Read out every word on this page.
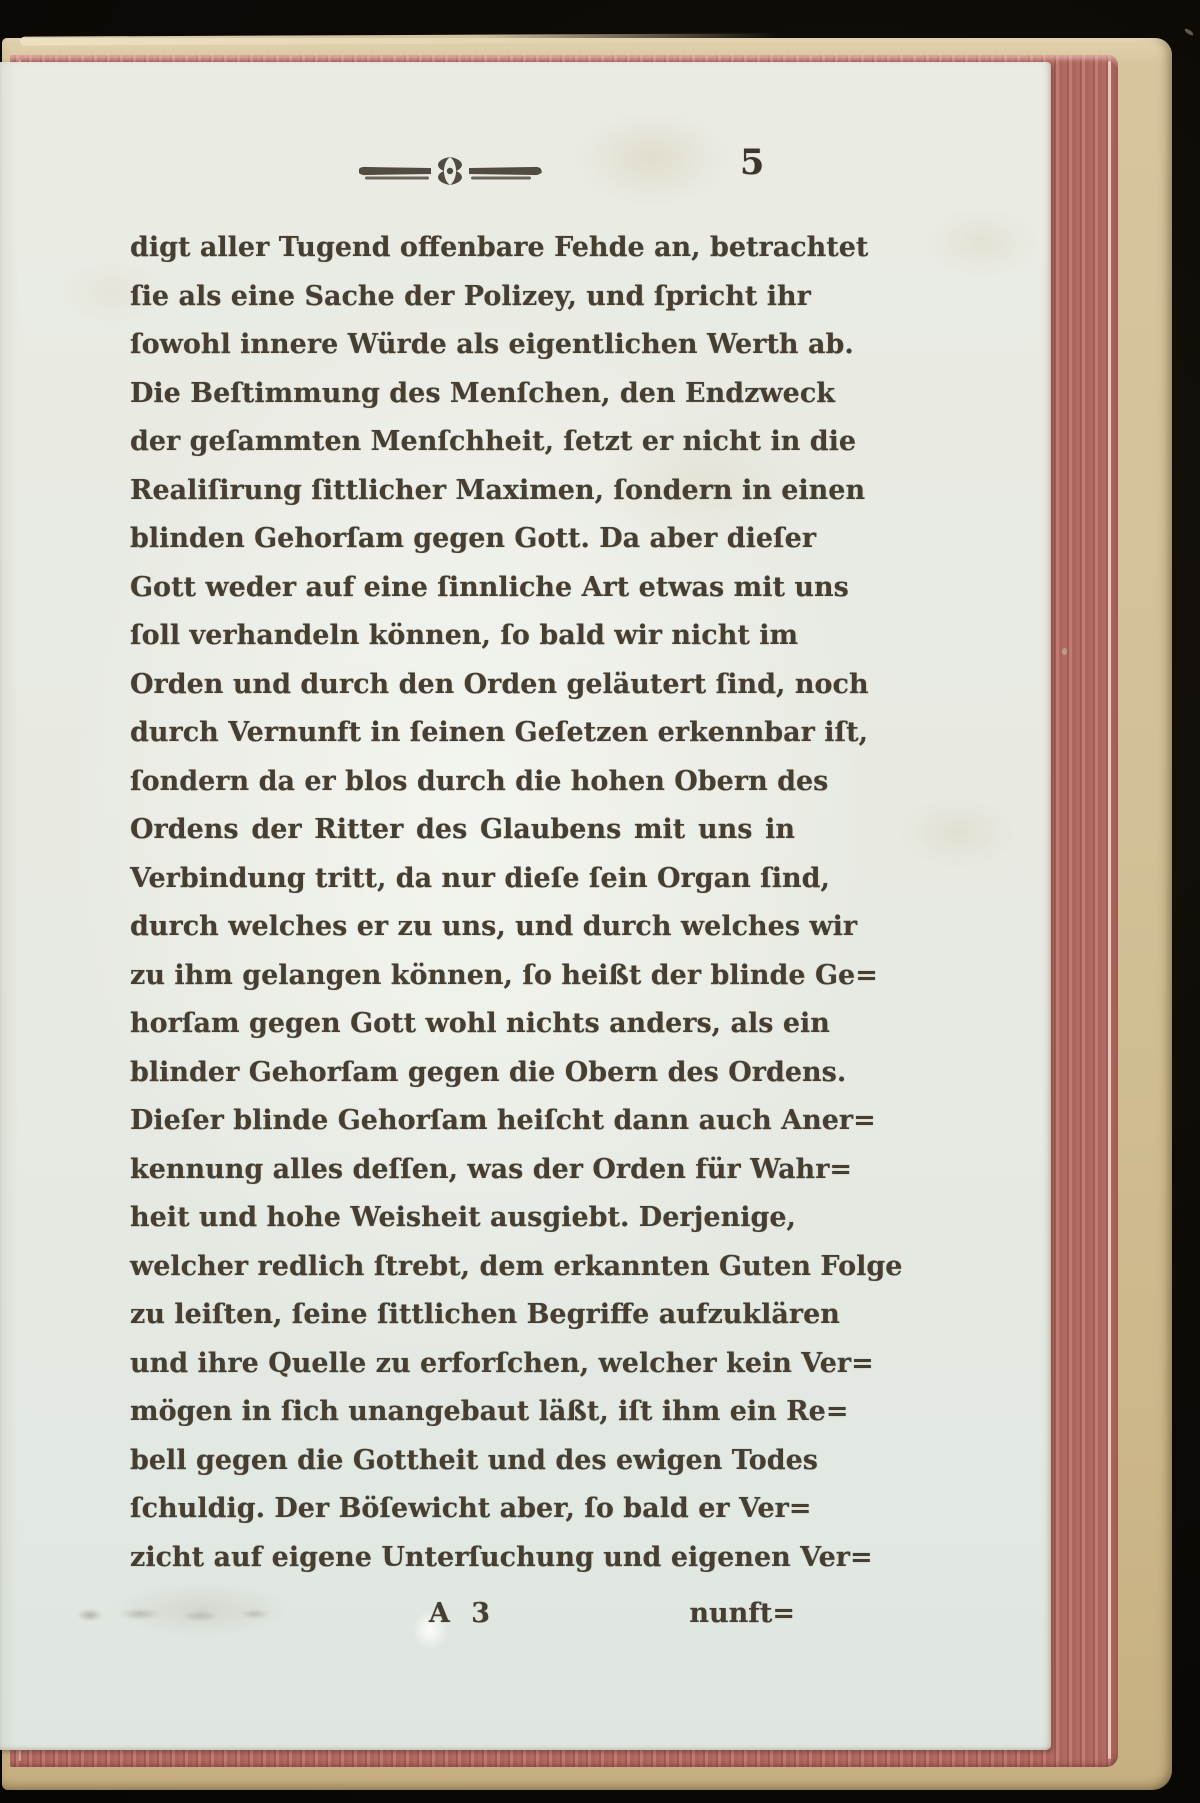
5
digt aller Tugend offenbare Fehde an, betrachtet
ſie als eine Sache der Polizey, und ſpricht ihr
ſowohl innere Würde als eigentlichen Werth ab.
Die Beſtimmung des Menſchen, den Endzweck
der geſammten Menſchheit, ſetzt er nicht in die
Realiſirung ſittlicher Maximen, ſondern in einen
blinden Gehorſam gegen Gott. Da aber dieſer
Gott weder auf eine ſinnliche Art etwas mit uns
ſoll verhandeln können, ſo bald wir nicht im
Orden und durch den Orden geläutert ſind, noch
durch Vernunft in ſeinen Geſetzen erkennbar iſt,
ſondern da er blos durch die hohen Obern des
Ordens der Ritter des Glaubens mit uns in
Verbindung tritt, da nur dieſe ſein Organ ſind,
durch welches er zu uns, und durch welches wir
zu ihm gelangen können, ſo heißt der blinde Ge=
horſam gegen Gott wohl nichts anders, als ein
blinder Gehorſam gegen die Obern des Ordens.
Dieſer blinde Gehorſam heiſcht dann auch Aner=
kennung alles deſſen, was der Orden für Wahr=
heit und hohe Weisheit ausgiebt. Derjenige,
welcher redlich ſtrebt, dem erkannten Guten Folge
zu leiſten, ſeine ſittlichen Begriffe aufzuklären
und ihre Quelle zu erforſchen, welcher kein Ver=
mögen in ſich unangebaut läßt, iſt ihm ein Re=
bell gegen die Gottheit und des ewigen Todes
ſchuldig. Der Böſewicht aber, ſo bald er Ver=
zicht auf eigene Unterſuchung und eigenen Ver=
A 3	nunft=
